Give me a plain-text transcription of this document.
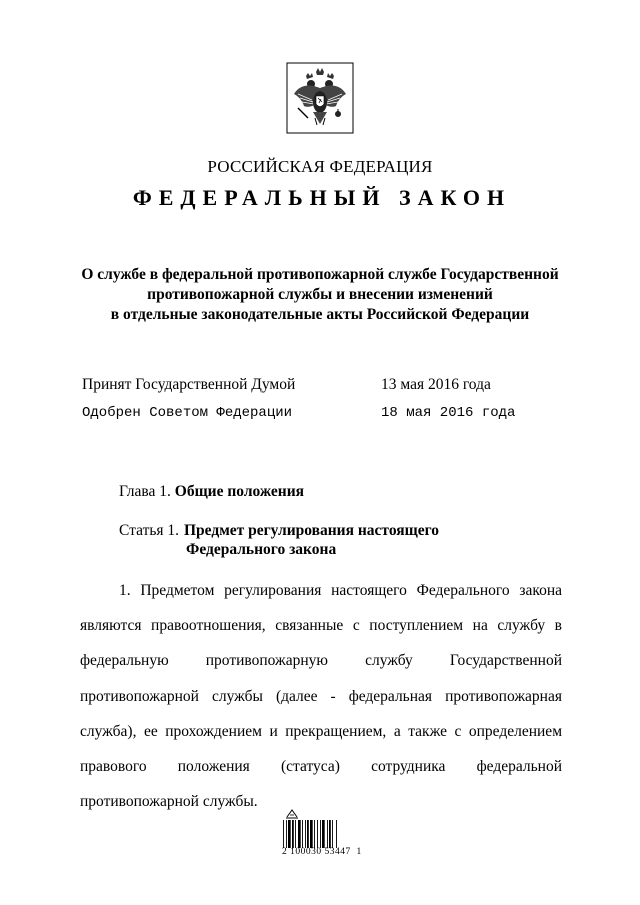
РОССИЙСКАЯ ФЕДЕРАЦИЯ
ФЕДЕРАЛЬНЫЙ ЗАКОН
О службе в федеральной противопожарной службе Государственной
противопожарной службы и внесении изменений
в отдельные законодательные акты Российской Федерации
Принят Государственной Думой	13 мая 2016 года
Одобрен Советом Федерации	18 мая 2016 года
Глава 1. Общие положения
Статья 1. Предмет регулирования настоящего
Федерального закона

1. Предметом регулирования настоящего Федерального закона являются правоотношения, связанные с поступлением на службу в федеральную противопожарную службу Государственной противопожарной службы (далее - федеральная противопожарная служба), ее прохождением и прекращением, а также с определением правового положения (статуса) сотрудника федеральной противопожарной службы.

2 100030 53447  1
